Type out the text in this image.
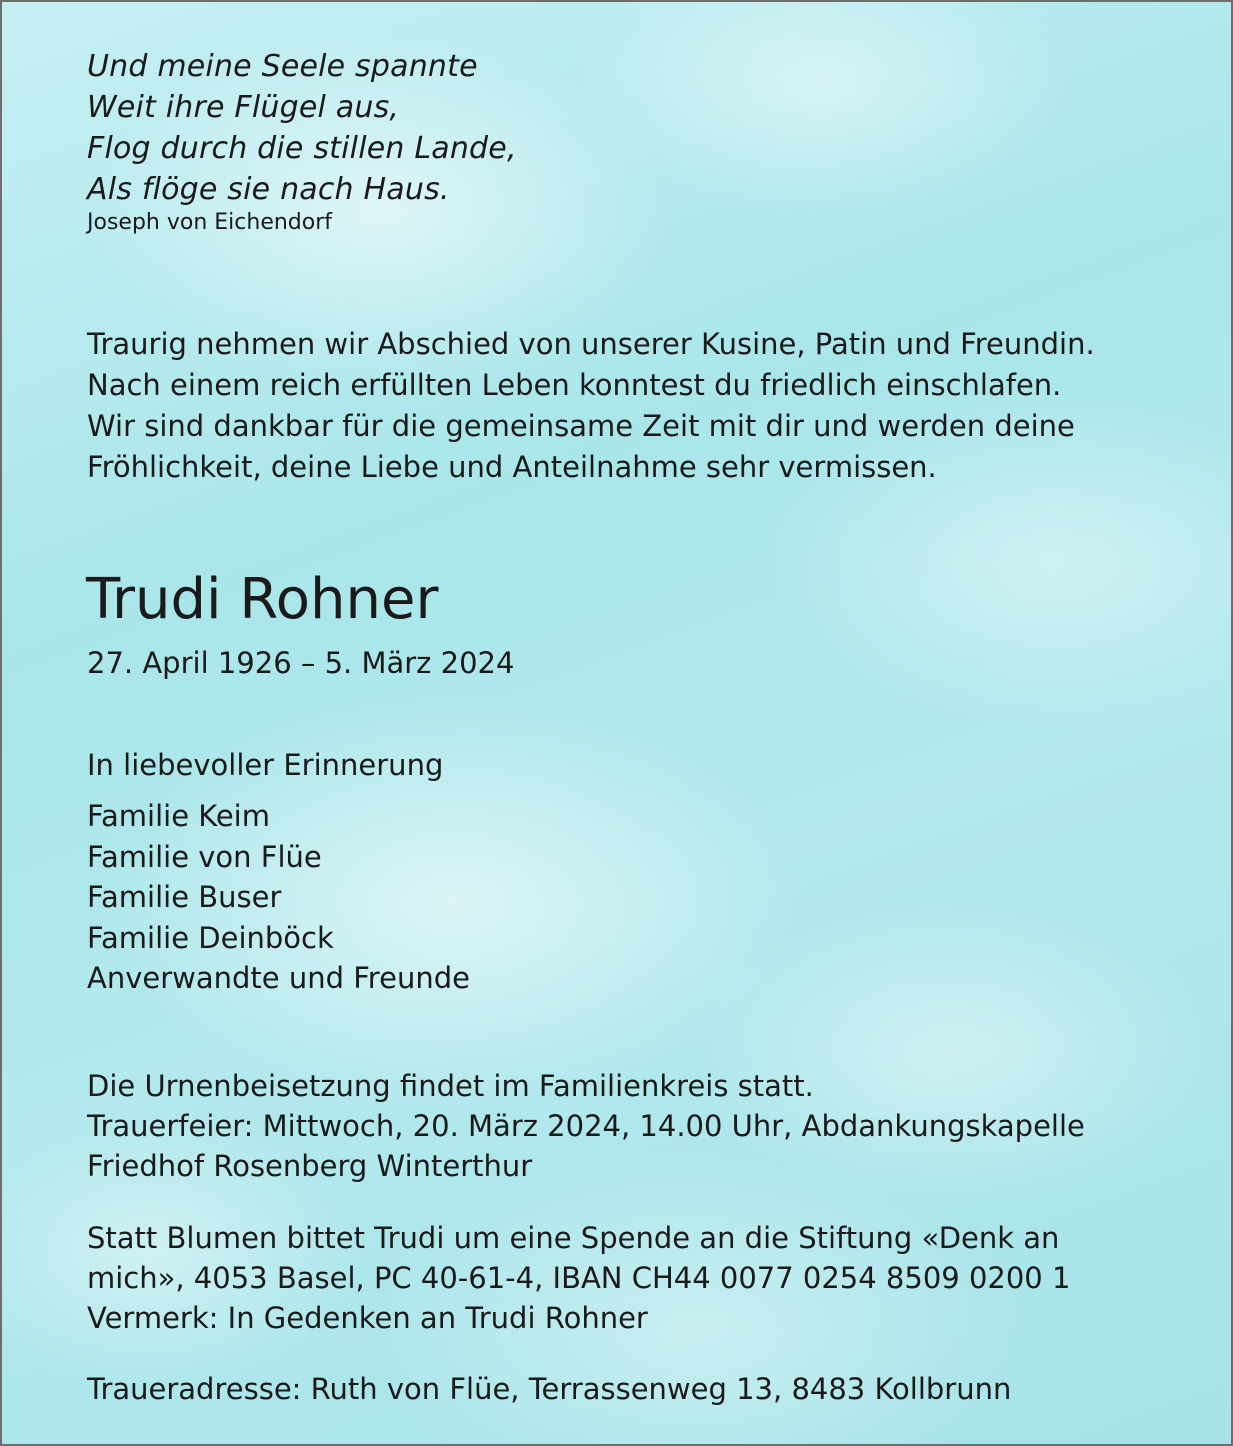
Und meine Seele spannte
Weit ihre Flügel aus,
Flog durch die stillen Lande,
Als flöge sie nach Haus.
Joseph von Eichendorf
Traurig nehmen wir Abschied von unserer Kusine, Patin und Freundin.
Nach einem reich erfüllten Leben konntest du friedlich einschlafen.
Wir sind dankbar für die gemeinsame Zeit mit dir und werden deine
Fröhlichkeit, deine Liebe und Anteilnahme sehr vermissen.
Trudi Rohner
27. April 1926 – 5. März 2024
In liebevoller Erinnerung
Familie Keim
Familie von Flüe
Familie Buser
Familie Deinböck
Anverwandte und Freunde
Die Urnenbeisetzung findet im Familienkreis statt.
Trauerfeier: Mittwoch, 20. März 2024, 14.00 Uhr, Abdankungskapelle
Friedhof Rosenberg Winterthur
Statt Blumen bittet Trudi um eine Spende an die Stiftung «Denk an
mich», 4053 Basel, PC 40-61-4, IBAN CH44 0077 0254 8509 0200 1
Vermerk: In Gedenken an Trudi Rohner
Traueradresse: Ruth von Flüe, Terrassenweg 13, 8483 Kollbrunn
